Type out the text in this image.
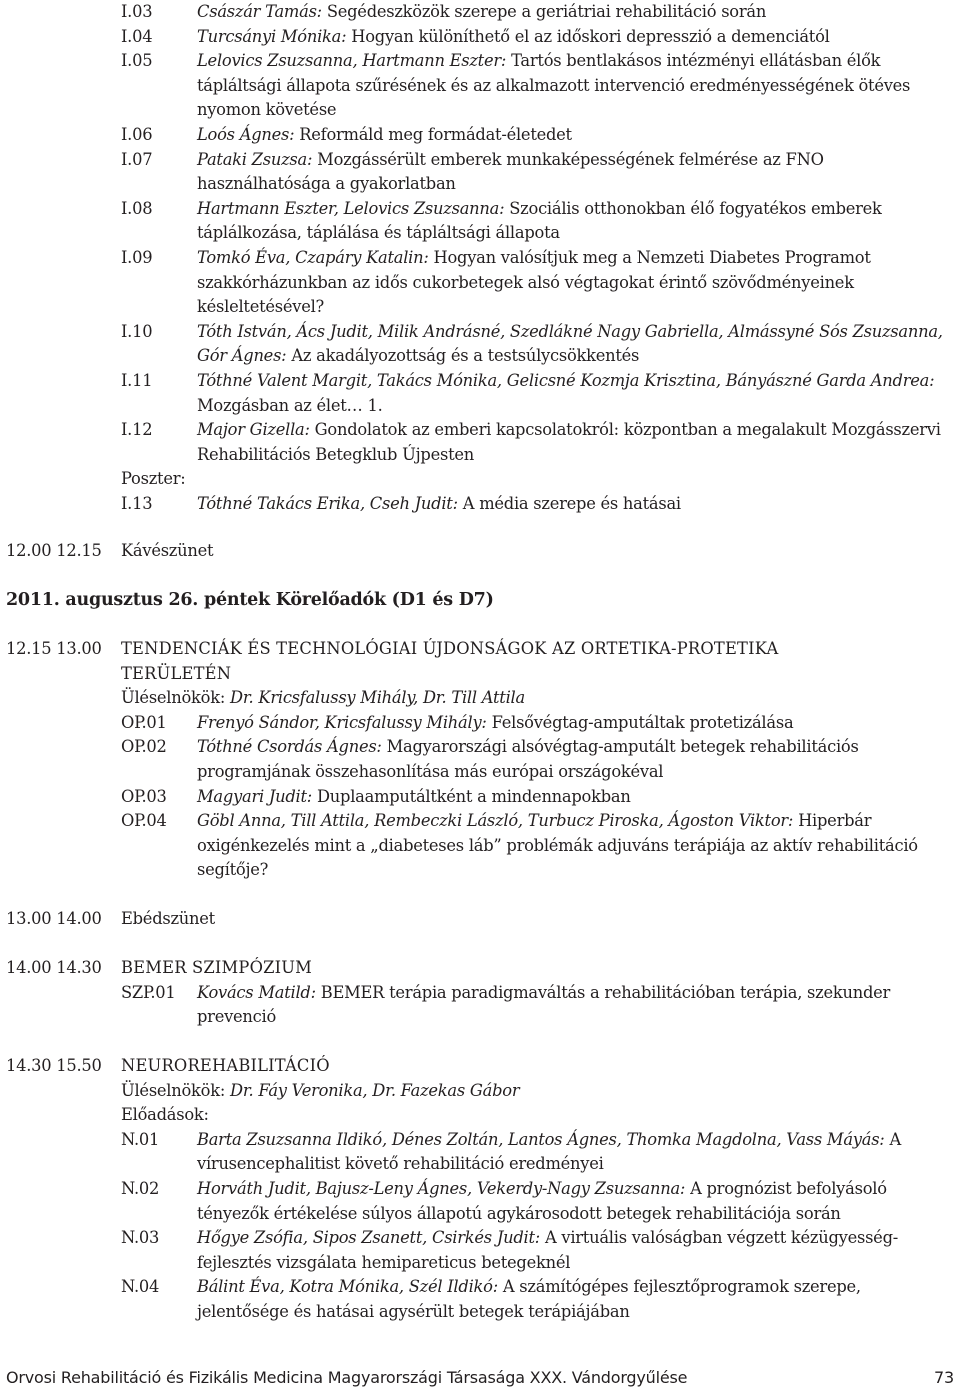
I.03	Császár Tamás: Segédeszközök szerepe a geriátriai rehabilitáció során
I.04	Turcsányi Mónika: Hogyan különíthető el az időskori depresszió a demenciától
I.05	Lelovics Zsuzsanna, Hartmann Eszter: Tartós bentlakásos intézményi ellátásban élők tápláltsági állapota szűrésének és az alkalmazott intervenció eredményességének ötéves nyomon követése
I.06	Loós Ágnes: Reformáld meg formádat-életedet
I.07	Pataki Zsuzsa: Mozgássérült emberek munkaképességének felmérése az FNO használhatósága a gyakorlatban
I.08	Hartmann Eszter, Lelovics Zsuzsanna: Szociális otthonokban élő fogyatékos emberek táplálkozása, táplálása és tápláltsági állapota
I.09	Tomkó Éva, Czapáry Katalin: Hogyan valósítjuk meg a Nemzeti Diabetes Programot szakkórházunkban az idős cukorbetegek alsó végtagokat érintő szövődményeinek késleltetésével?
I.10	Tóth István, Ács Judit, Milik Andrásné, Szedlákné Nagy Gabriella, Almássyné Sós Zsuzsanna, Gór Ágnes: Az akadályozottság és a testsúlycsökkentés
I.11	Tóthné Valent Margit, Takács Mónika, Gelicsné Kozmja Krisztina, Bányászné Garda Andrea: Mozgásban az élet… 1.
I.12	Major Gizella: Gondolatok az emberi kapcsolatokról: központban a megalakult Mozgásszervi Rehabilitációs Betegklub Újpesten
Poszter:
I.13	Tóthné Takács Erika, Cseh Judit: A média szerepe és hatásai
12.00 12.15 Kávészünet
2011. augusztus 26. péntek Körelőadók (D1 és D7)
12.15 13.00 TENDENCIÁK ÉS TECHNOLÓGIAI ÚJDONSÁGOK AZ ORTETIKA-PROTETIKA
TERÜLETÉN
Üléselnökök: Dr. Kricsfalussy Mihály, Dr. Till Attila
OP.01 Frenyó Sándor, Kricsfalussy Mihály: Felsővégtag-amputáltak protetizálása
OP.02 Tóthné Csordás Ágnes: Magyarországi alsóvégtag-amputált betegek rehabilitációs programjának összehasonlítása más európai országokéval
OP.03 Magyari Judit: Duplaamputáltként a mindennapokban
OP.04 Göbl Anna, Till Attila, Rembeczki László, Turbucz Piroska, Ágoston Viktor: Hiperbár oxigénkezelés mint a „diabeteses láb” problémák adjuváns terápiája az aktív rehabilitáció segítője?
13.00 14.00 Ebédszünet
14.00 14.30 BEMER SZIMPÓZIUM
SZP.01 Kovács Matild: BEMER terápia paradigmaváltás a rehabilitációban terápia, szekunder prevenció
14.30 15.50 NEUROREHABILITÁCIÓ
Üléselnökök: Dr. Fáy Veronika, Dr. Fazekas Gábor
Előadások:
N.01 Barta Zsuzsanna Ildikó, Dénes Zoltán, Lantos Ágnes, Thomka Magdolna, Vass Máyás: A vírusencephalitist követő rehabilitáció eredményei
N.02 Horváth Judit, Bajusz-Leny Ágnes, Vekerdy-Nagy Zsuzsanna: A prognózist befolyásoló tényezők értékelése súlyos állapotú agykárosodott betegek rehabilitációja során
N.03 Hőgye Zsófia, Sipos Zsanett, Csirkés Judit: A virtuális valóságban végzett kézügyesség-fejlesztés vizsgálata hemipareticus betegeknél
N.04 Bálint Éva, Kotra Mónika, Szél Ildikó: A számítógépes fejlesztőprogramok szerepe, jelentősége és hatásai agysérült betegek terápiájában
Orvosi Rehabilitáció és Fizikális Medicina Magyarországi Társasága XXX. Vándorgyűlése	73
